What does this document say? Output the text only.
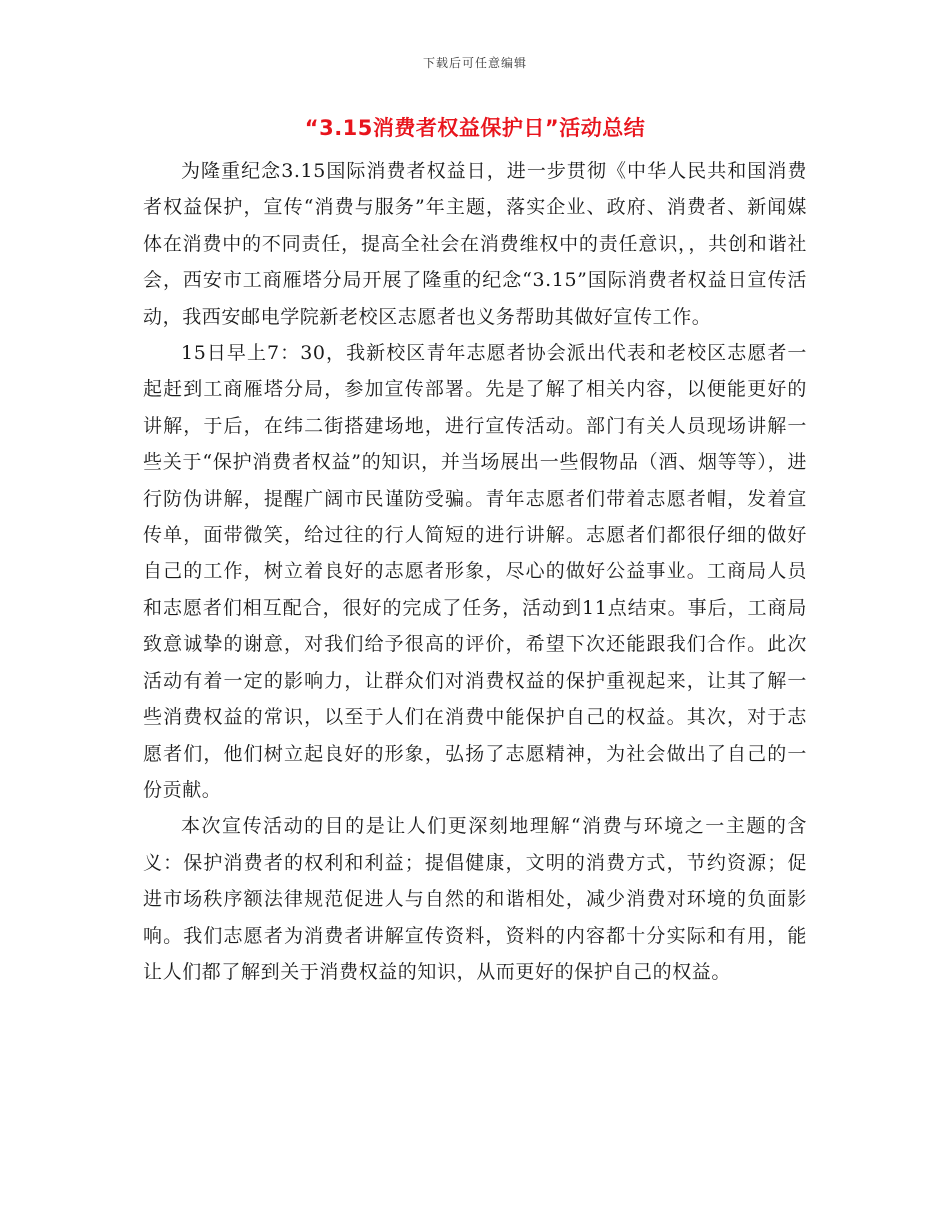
下载后可任意编辑
“3.15消费者权益保护日”活动总结

为隆重纪念3.15国际消费者权益日，进一步贯彻《中华人民共和国消费者权益保护，宣传“消费与服务”年主题，落实企业、政府、消费者、新闻媒体在消费中的不同责任，提高全社会在消费维权中的责任意识，，共创和谐社会，西安市工商雁塔分局开展了隆重的纪念“3.15”国际消费者权益日宣传活动，我西安邮电学院新老校区志愿者也义务帮助其做好宣传工作。

15日早上7：30，我新校区青年志愿者协会派出代表和老校区志愿者一起赶到工商雁塔分局，参加宣传部署。先是了解了相关内容，以便能更好的讲解，于后，在纬二街搭建场地，进行宣传活动。部门有关人员现场讲解一些关于“保护消费者权益”的知识，并当场展出一些假物品（酒、烟等等），进行防伪讲解，提醒广阔市民谨防受骗。青年志愿者们带着志愿者帽，发着宣传单，面带微笑，给过往的行人简短的进行讲解。志愿者们都很仔细的做好自己的工作，树立着良好的志愿者形象，尽心的做好公益事业。工商局人员和志愿者们相互配合，很好的完成了任务，活动到11点结束。事后，工商局致意诚挚的谢意，对我们给予很高的评价，希望下次还能跟我们合作。此次活动有着一定的影响力，让群众们对消费权益的保护重视起来，让其了解一些消费权益的常识，以至于人们在消费中能保护自己的权益。其次，对于志愿者们，他们树立起良好的形象，弘扬了志愿精神，为社会做出了自己的一份贡献。

本次宣传活动的目的是让人们更深刻地理解“消费与环境之一主题的含义：保护消费者的权利和利益；提倡健康，文明的消费方式，节约资源；促进市场秩序额法律规范促进人与自然的和谐相处，减少消费对环境的负面影响。我们志愿者为消费者讲解宣传资料，资料的内容都十分实际和有用，能让人们都了解到关于消费权益的知识，从而更好的保护自己的权益。
